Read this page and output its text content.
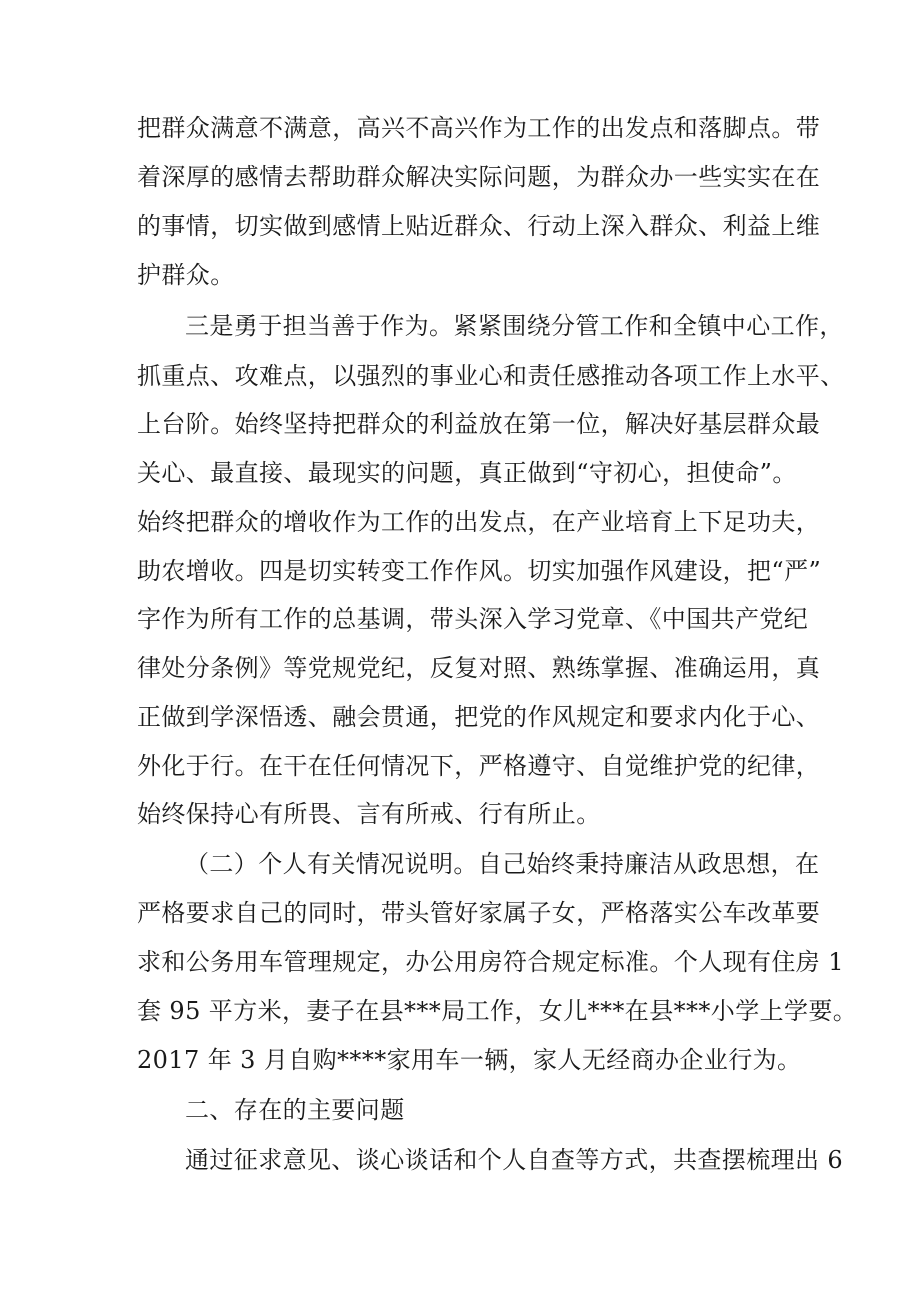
把群众满意不满意，高兴不高兴作为工作的出发点和落脚点。带
着深厚的感情去帮助群众解决实际问题，为群众办一些实实在在
的事情，切实做到感情上贴近群众、行动上深入群众、利益上维
护群众。
三是勇于担当善于作为。紧紧围绕分管工作和全镇中心工作，
抓重点、攻难点，以强烈的事业心和责任感推动各项工作上水平、
上台阶。始终坚持把群众的利益放在第一位，解决好基层群众最
关心、最直接、最现实的问题，真正做到“守初心，担使命”。
始终把群众的增收作为工作的出发点，在产业培育上下足功夫，
助农增收。四是切实转变工作作风。切实加强作风建设，把“严”
字作为所有工作的总基调，带头深入学习党章、《中国共产党纪
律处分条例》等党规党纪，反复对照、熟练掌握、准确运用，真
正做到学深悟透、融会贯通，把党的作风规定和要求内化于心、
外化于行。在干在任何情况下，严格遵守、自觉维护党的纪律，
始终保持心有所畏、言有所戒、行有所止。
（二）个人有关情况说明。自己始终秉持廉洁从政思想，在
严格要求自己的同时，带头管好家属子女，严格落实公车改革要
求和公务用车管理规定，办公用房符合规定标准。个人现有住房 1
套 95 平方米，妻子在县***局工作，女儿***在县***小学上学要。
2017 年 3 月自购****家用车一辆，家人无经商办企业行为。
二、存在的主要问题
通过征求意见、谈心谈话和个人自查等方式，共查摆梳理出 6
